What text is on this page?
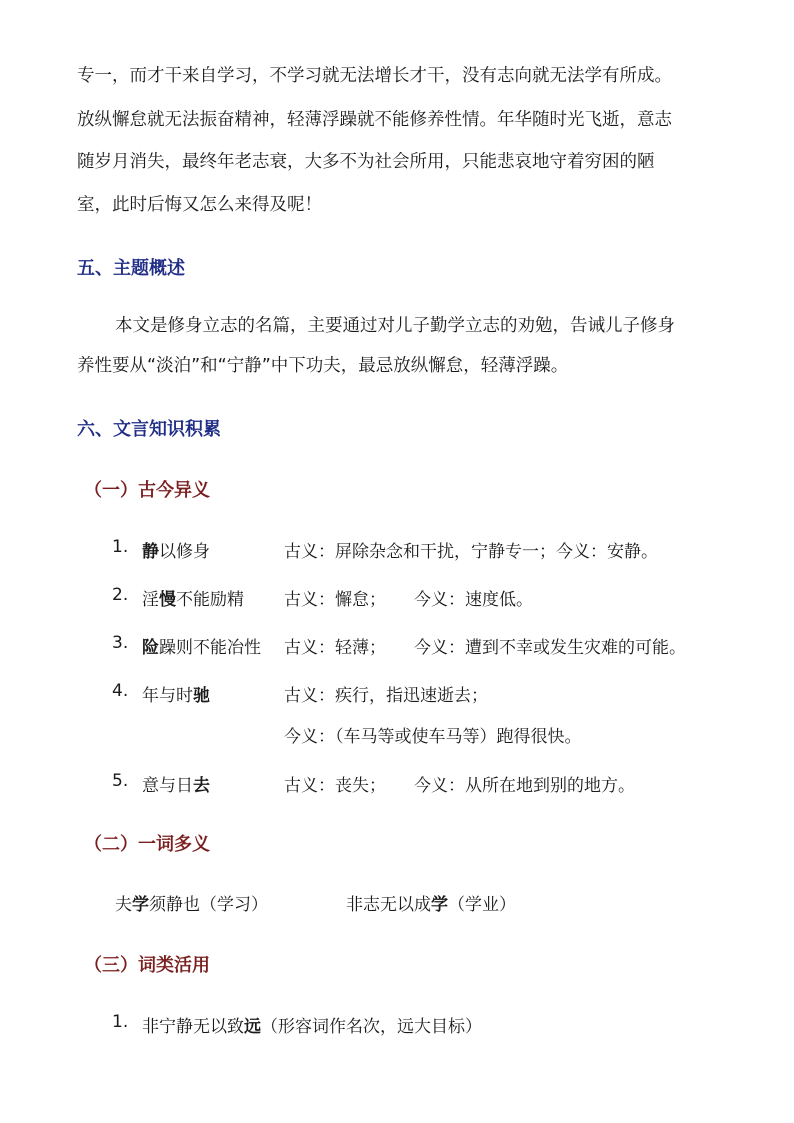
专一，而才干来自学习，不学习就无法增长才干，没有志向就无法学有所成。
放纵懈怠就无法振奋精神，轻薄浮躁就不能修养性情。年华随时光飞逝，意志
随岁月消失，最终年老志衰，大多不为社会所用，只能悲哀地守着穷困的陋
室，此时后悔又怎么来得及呢！
五、主题概述
本文是修身立志的名篇，主要通过对儿子勤学立志的劝勉，告诫儿子修身
养性要从“淡泊”和“宁静”中下功夫，最忌放纵懈怠，轻薄浮躁。
六、文言知识积累
（一）古今异义
1. 静以修身	古义：屏除杂念和干扰，宁静专一；今义：安静。
2. 淫慢不能励精 古义：懈怠； 今义：速度低。
3. 险躁则不能冶性 古义：轻薄； 今义：遭到不幸或发生灾难的可能。
4. 年与时驰	古义：疾行，指迅速逝去；
今义：（车马等或使车马等）跑得很快。
5. 意与日去	古义：丧失； 今义：从所在地到别的地方。
（二）一词多义
夫学须静也（学习）	非志无以成学（学业）
（三）词类活用
1. 非宁静无以致远（形容词作名次，远大目标）
